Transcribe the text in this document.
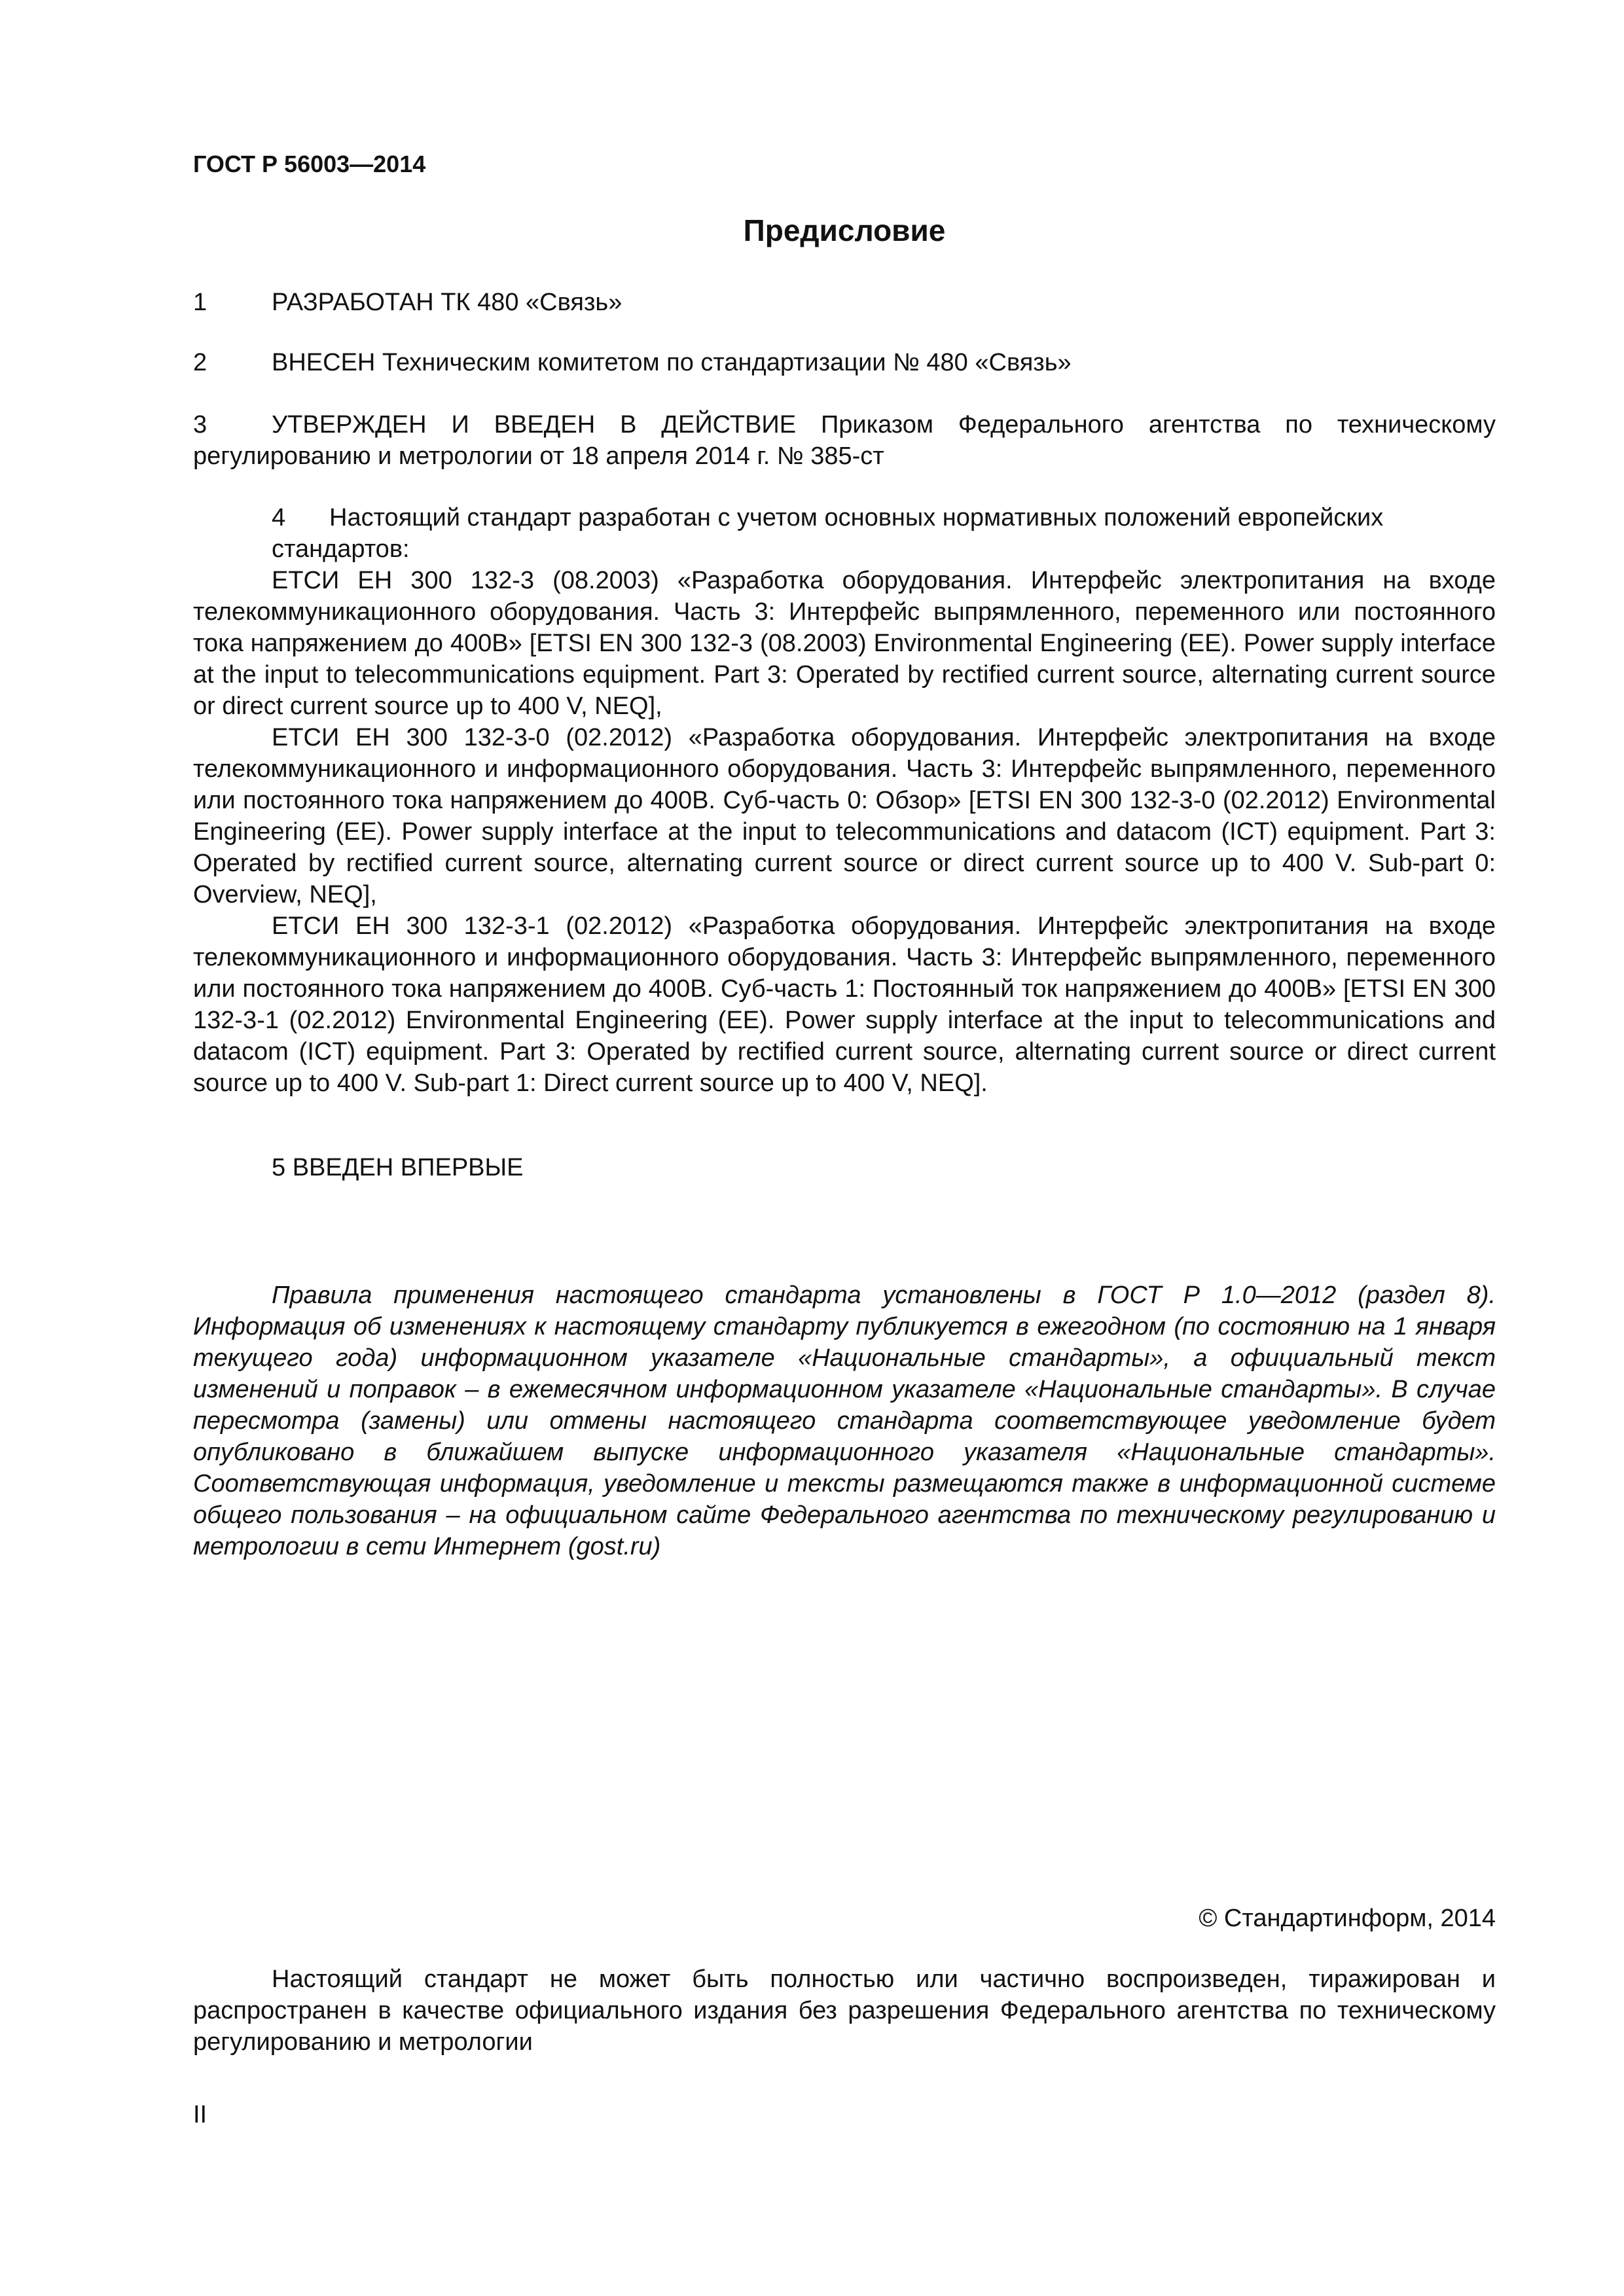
ГОСТ Р 56003—2014
Предисловие

1	РАЗРАБОТАН ТК 480 «Связь»

2	ВНЕСЕН Техническим комитетом по стандартизации № 480 «Связь»

3	УТВЕРЖДЕН И ВВЕДЕН В ДЕЙСТВИЕ Приказом Федерального агентства по техническому регулированию и метрологии от 18 апреля 2014 г. № 385-ст

4 Настоящий стандарт разработан с учетом основных нормативных положений европейских стандартов:

ЕТСИ ЕН 300 132-3 (08.2003) «Разработка оборудования. Интерфейс электропитания на входе телекоммуникационного оборудования. Часть 3: Интерфейс выпрямленного, переменного или постоянного тока напряжением до 400В» [ETSI EN 300 132-3 (08.2003) Environmental Engineering (EE). Power supply interface at the input to telecommunications equipment. Part 3: Operated by rectified current source, alternating current source or direct current source up to 400 V, NEQ],

ЕТСИ ЕН 300 132-3-0 (02.2012) «Разработка оборудования. Интерфейс электропитания на входе телекоммуникационного и информационного оборудования. Часть 3: Интерфейс выпрямленного, переменного или постоянного тока напряжением до 400В. Суб-часть 0: Обзор» [ETSI EN 300 132-3-0 (02.2012) Environmental Engineering (EE). Power supply interface at the input to telecommunications and datacom (ICT) equipment. Part 3: Operated by rectified current source, alternating current source or direct current source up to 400 V. Sub-part 0: Overview, NEQ],

ЕТСИ ЕН 300 132-3-1 (02.2012) «Разработка оборудования. Интерфейс электропитания на входе телекоммуникационного и информационного оборудования. Часть 3: Интерфейс выпрямленного, переменного или постоянного тока напряжением до 400В. Суб-часть 1: Постоянный ток напряжением до 400В» [ETSI EN 300 132-3-1 (02.2012) Environmental Engineering (EE). Power supply interface at the input to telecommunications and datacom (ICT) equipment. Part 3: Operated by rectified current source, alternating current source or direct current source up to 400 V. Sub-part 1: Direct current source up to 400 V, NEQ].

5 ВВЕДЕН ВПЕРВЫЕ

Правила применения настоящего стандарта установлены в ГОСТ Р 1.0—2012 (раздел 8). Информация об изменениях к настоящему стандарту публикуется в ежегодном (по состоянию на 1 января текущего года) информационном указателе «Национальные стандарты», а официальный текст изменений и поправок – в ежемесячном информационном указателе «Национальные стандарты». В случае пересмотра (замены) или отмены настоящего стандарта соответствующее уведомление будет опубликовано в ближайшем выпуске информационного указателя «Национальные стандарты». Соответствующая информация, уведомление и тексты размещаются также в информационной системе общего пользования – на официальном сайте Федерального агентства по техническому регулированию и метрологии в сети Интернет (gost.ru)

© Стандартинформ, 2014

Настоящий стандарт не может быть полностью или частично воспроизведен, тиражирован и распространен в качестве официального издания без разрешения Федерального агентства по техническому регулированию и метрологии

II
